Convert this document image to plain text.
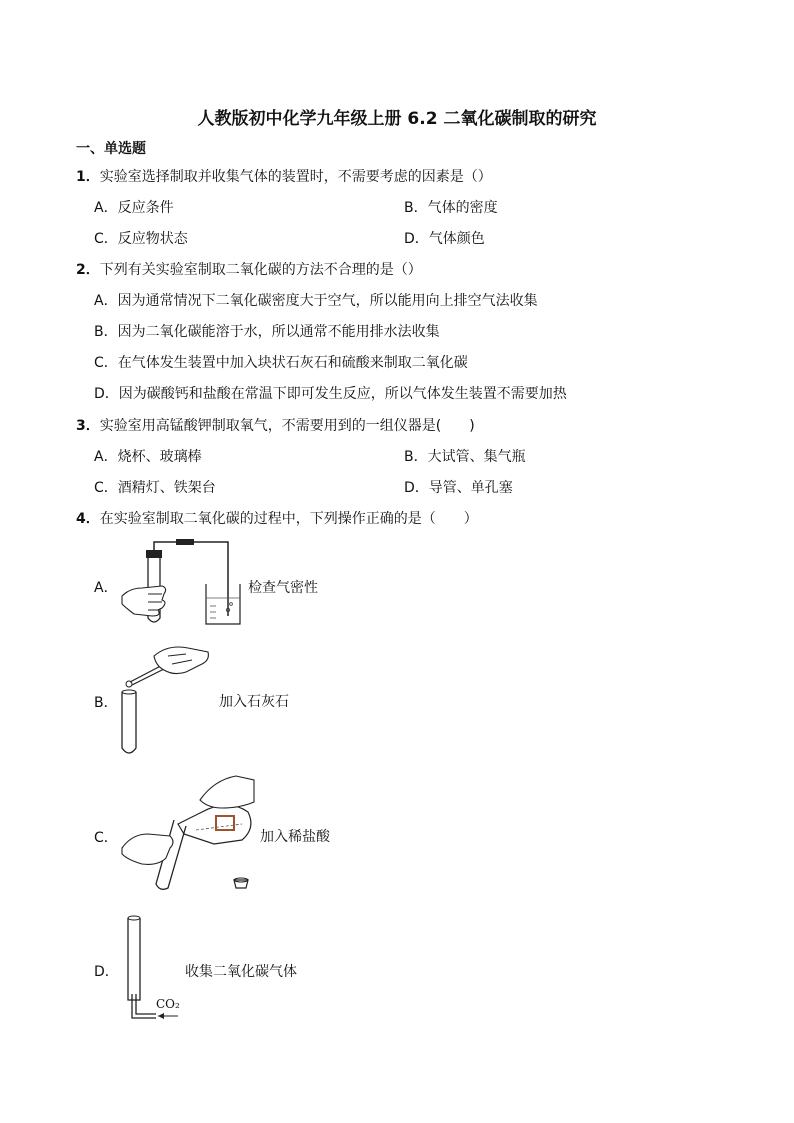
人教版初中化学九年级上册 6.2 二氧化碳制取的研究
一、单选题
1．实验室选择制取并收集气体的装置时，不需要考虑的因素是（）
A．反应条件	B．气体的密度
C．反应物状态	D．气体颜色
2．下列有关实验室制取二氧化碳的方法不合理的是（）
A．因为通常情况下二氧化碳密度大于空气，所以能用向上排空气法收集
B．因为二氧化碳能溶于水，所以通常不能用排水法收集
C．在气体发生装置中加入块状石灰石和硫酸来制取二氧化碳
D．因为碳酸钙和盐酸在常温下即可发生反应，所以气体发生装置不需要加热
3．实验室用高锰酸钾制取氧气，不需要用到的一组仪器是(　　)
A．烧杯、玻璃棒	B．大试管、集气瓶
C．酒精灯、铁架台	D．导管、单孔塞
4．在实验室制取二氧化碳的过程中，下列操作正确的是（　　）
A．	检查气密性
B．	加入石灰石
C．	加入稀盐酸
D．
CO₂
收集二氧化碳气体
